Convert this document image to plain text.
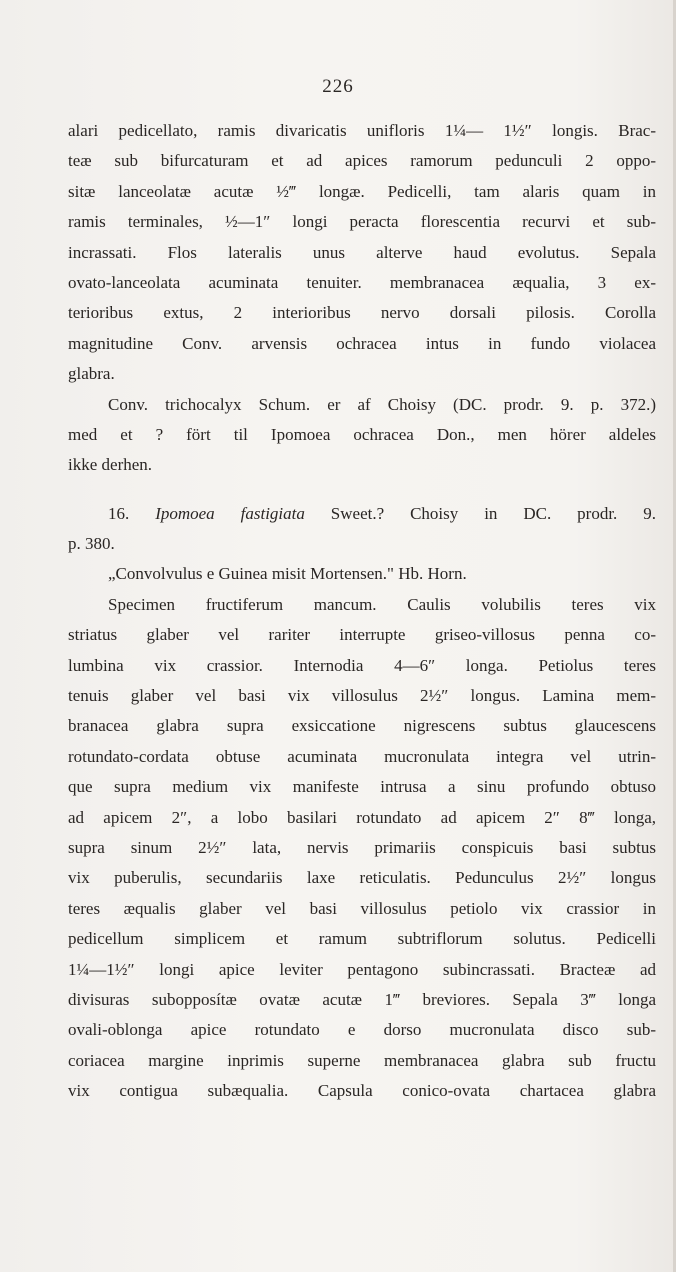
226
alari pedicellato, ramis divaricatis unifloris 1¼— 1½″ longis. Brac-
teæ sub bifurcaturam et ad apices ramorum pedunculi 2 oppo-
sitæ lanceolatæ acutæ ½‴ longæ. Pedicelli, tam alaris quam in
ramis terminales, ½—1″ longi peracta florescentia recurvi et sub-
incrassati. Flos lateralis unus alterve haud evolutus. Sepala
ovato-lanceolata acuminata tenuiter. membranacea æqualia, 3 ex-
terioribus extus, 2 interioribus nervo dorsali pilosis. Corolla
magnitudine Conv. arvensis ochracea intus in fundo violacea
glabra.
Conv. trichocalyx Schum. er af Choisy (DC. prodr. 9. p. 372.)
med et ? fört til Ipomoea ochracea Don., men hörer aldeles
ikke derhen.
16. Ipomoea fastigiata Sweet.? Choisy in DC. prodr. 9.
p. 380.
„Convolvulus e Guinea misit Mortensen." Hb. Horn.
Specimen fructiferum mancum. Caulis volubilis teres vix
striatus glaber vel rariter interrupte griseo-villosus penna co-
lumbina vix crassior. Internodia 4—6″ longa. Petiolus teres
tenuis glaber vel basi vix villosulus 2½″ longus. Lamina mem-
branacea glabra supra exsiccatione nigrescens subtus glaucescens
rotundato-cordata obtuse acuminata mucronulata integra vel utrin-
que supra medium vix manifeste intrusa a sinu profundo obtuso
ad apicem 2″, a lobo basilari rotundato ad apicem 2″ 8‴ longa,
supra sinum 2½″ lata, nervis primariis conspicuis basi subtus
vix puberulis, secundariis laxe reticulatis. Pedunculus 2½″ longus
teres æqualis glaber vel basi villosulus petiolo vix crassior in
pedicellum simplicem et ramum subtriflorum solutus. Pedicelli
1¼—1½″ longi apice leviter pentagono subincrassati. Bracteæ ad
divisuras subopposítæ ovatæ acutæ 1‴ breviores. Sepala 3‴ longa
ovali-oblonga apice rotundato e dorso mucronulata disco sub-
coriacea margine inprimis superne membranacea glabra sub fructu
vix contigua subæqualia. Capsula conico-ovata chartacea glabra
